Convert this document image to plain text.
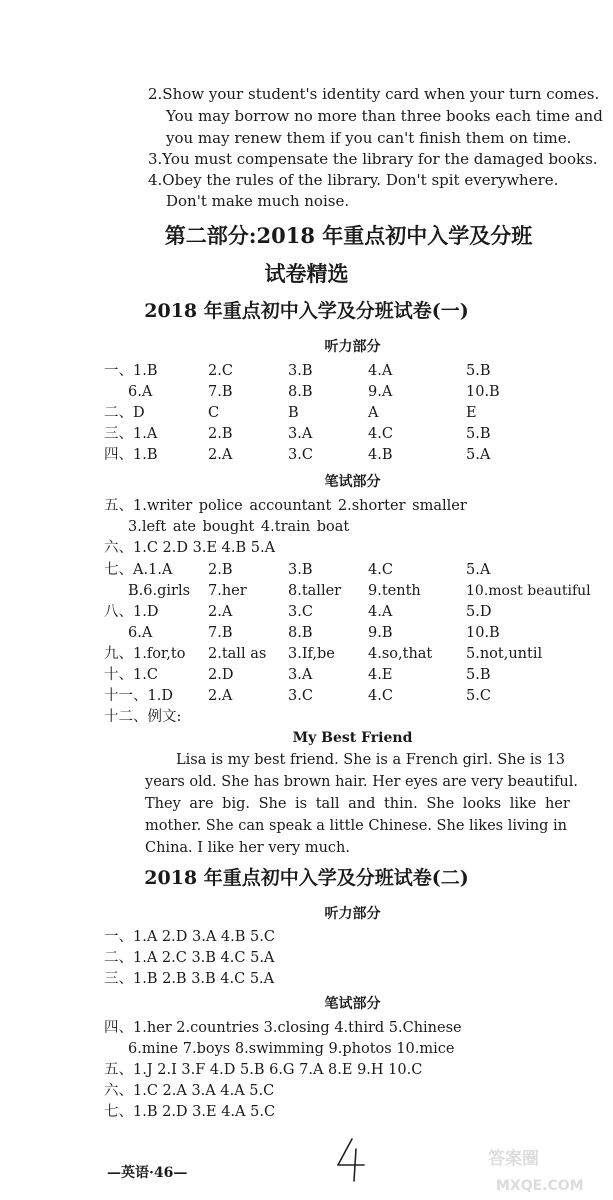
2.Show your student's identity card when your turn comes.
You may borrow no more than three books each time and
you may renew them if you can't finish them on time.
3.You must compensate the library for the damaged books.
4.Obey the rules of the library. Don't spit everywhere.
Don't make much noise.
第二部分:2018 年重点初中入学及分班
试卷精选
2018 年重点初中入学及分班试卷(一)
听力部分
一、1.B	2.C	3.B	4.A	5.B
6.A	7.B	8.B	9.A	10.B
二、D	C	B	A	E
三、1.A	2.B	3.A	4.C	5.B
四、1.B	2.A	3.C	4.B	5.A
笔试部分
五、1.writer police accountant 2.shorter smaller
3.left ate bought 4.train boat
六、1.C 2.D 3.E 4.B 5.A
七、A.1.A 2.B	3.B	4.C	5.A
B.6.girls 7.her	8.taller 9.tenth	10.most beautiful
八、1.D	2.A	3.C	4.A	5.D
6.A	7.B	8.B	9.B	10.B
九、1.for,to 2.tall as 3.If,be 4.so,that 5.not,until
十、1.C	2.D	3.A	4.E	5.B
十一、1.D 2.A	3.C	4.C	5.C
十二、例文:
My Best Friend
Lisa is my best friend. She is a French girl. She is 13
years old. She has brown hair. Her eyes are very beautiful.
They are big. She is tall and thin. She looks like her
mother. She can speak a little Chinese. She likes living in
China. I like her very much.
2018 年重点初中入学及分班试卷(二)
听力部分
一、1.A 2.D 3.A 4.B 5.C
二、1.A 2.C 3.B 4.C 5.A
三、1.B 2.B 3.B 4.C 5.A
笔试部分
四、1.her 2.countries 3.closing 4.third 5.Chinese
6.mine 7.boys 8.swimming 9.photos 10.mice
五、1.J 2.I 3.F 4.D 5.B 6.G 7.A 8.E 9.H 10.C
六、1.C 2.A 3.A 4.A 5.C
七、1.B 2.D 3.E 4.A 5.C
—英语·46—
答案圈
MXQE.COM
